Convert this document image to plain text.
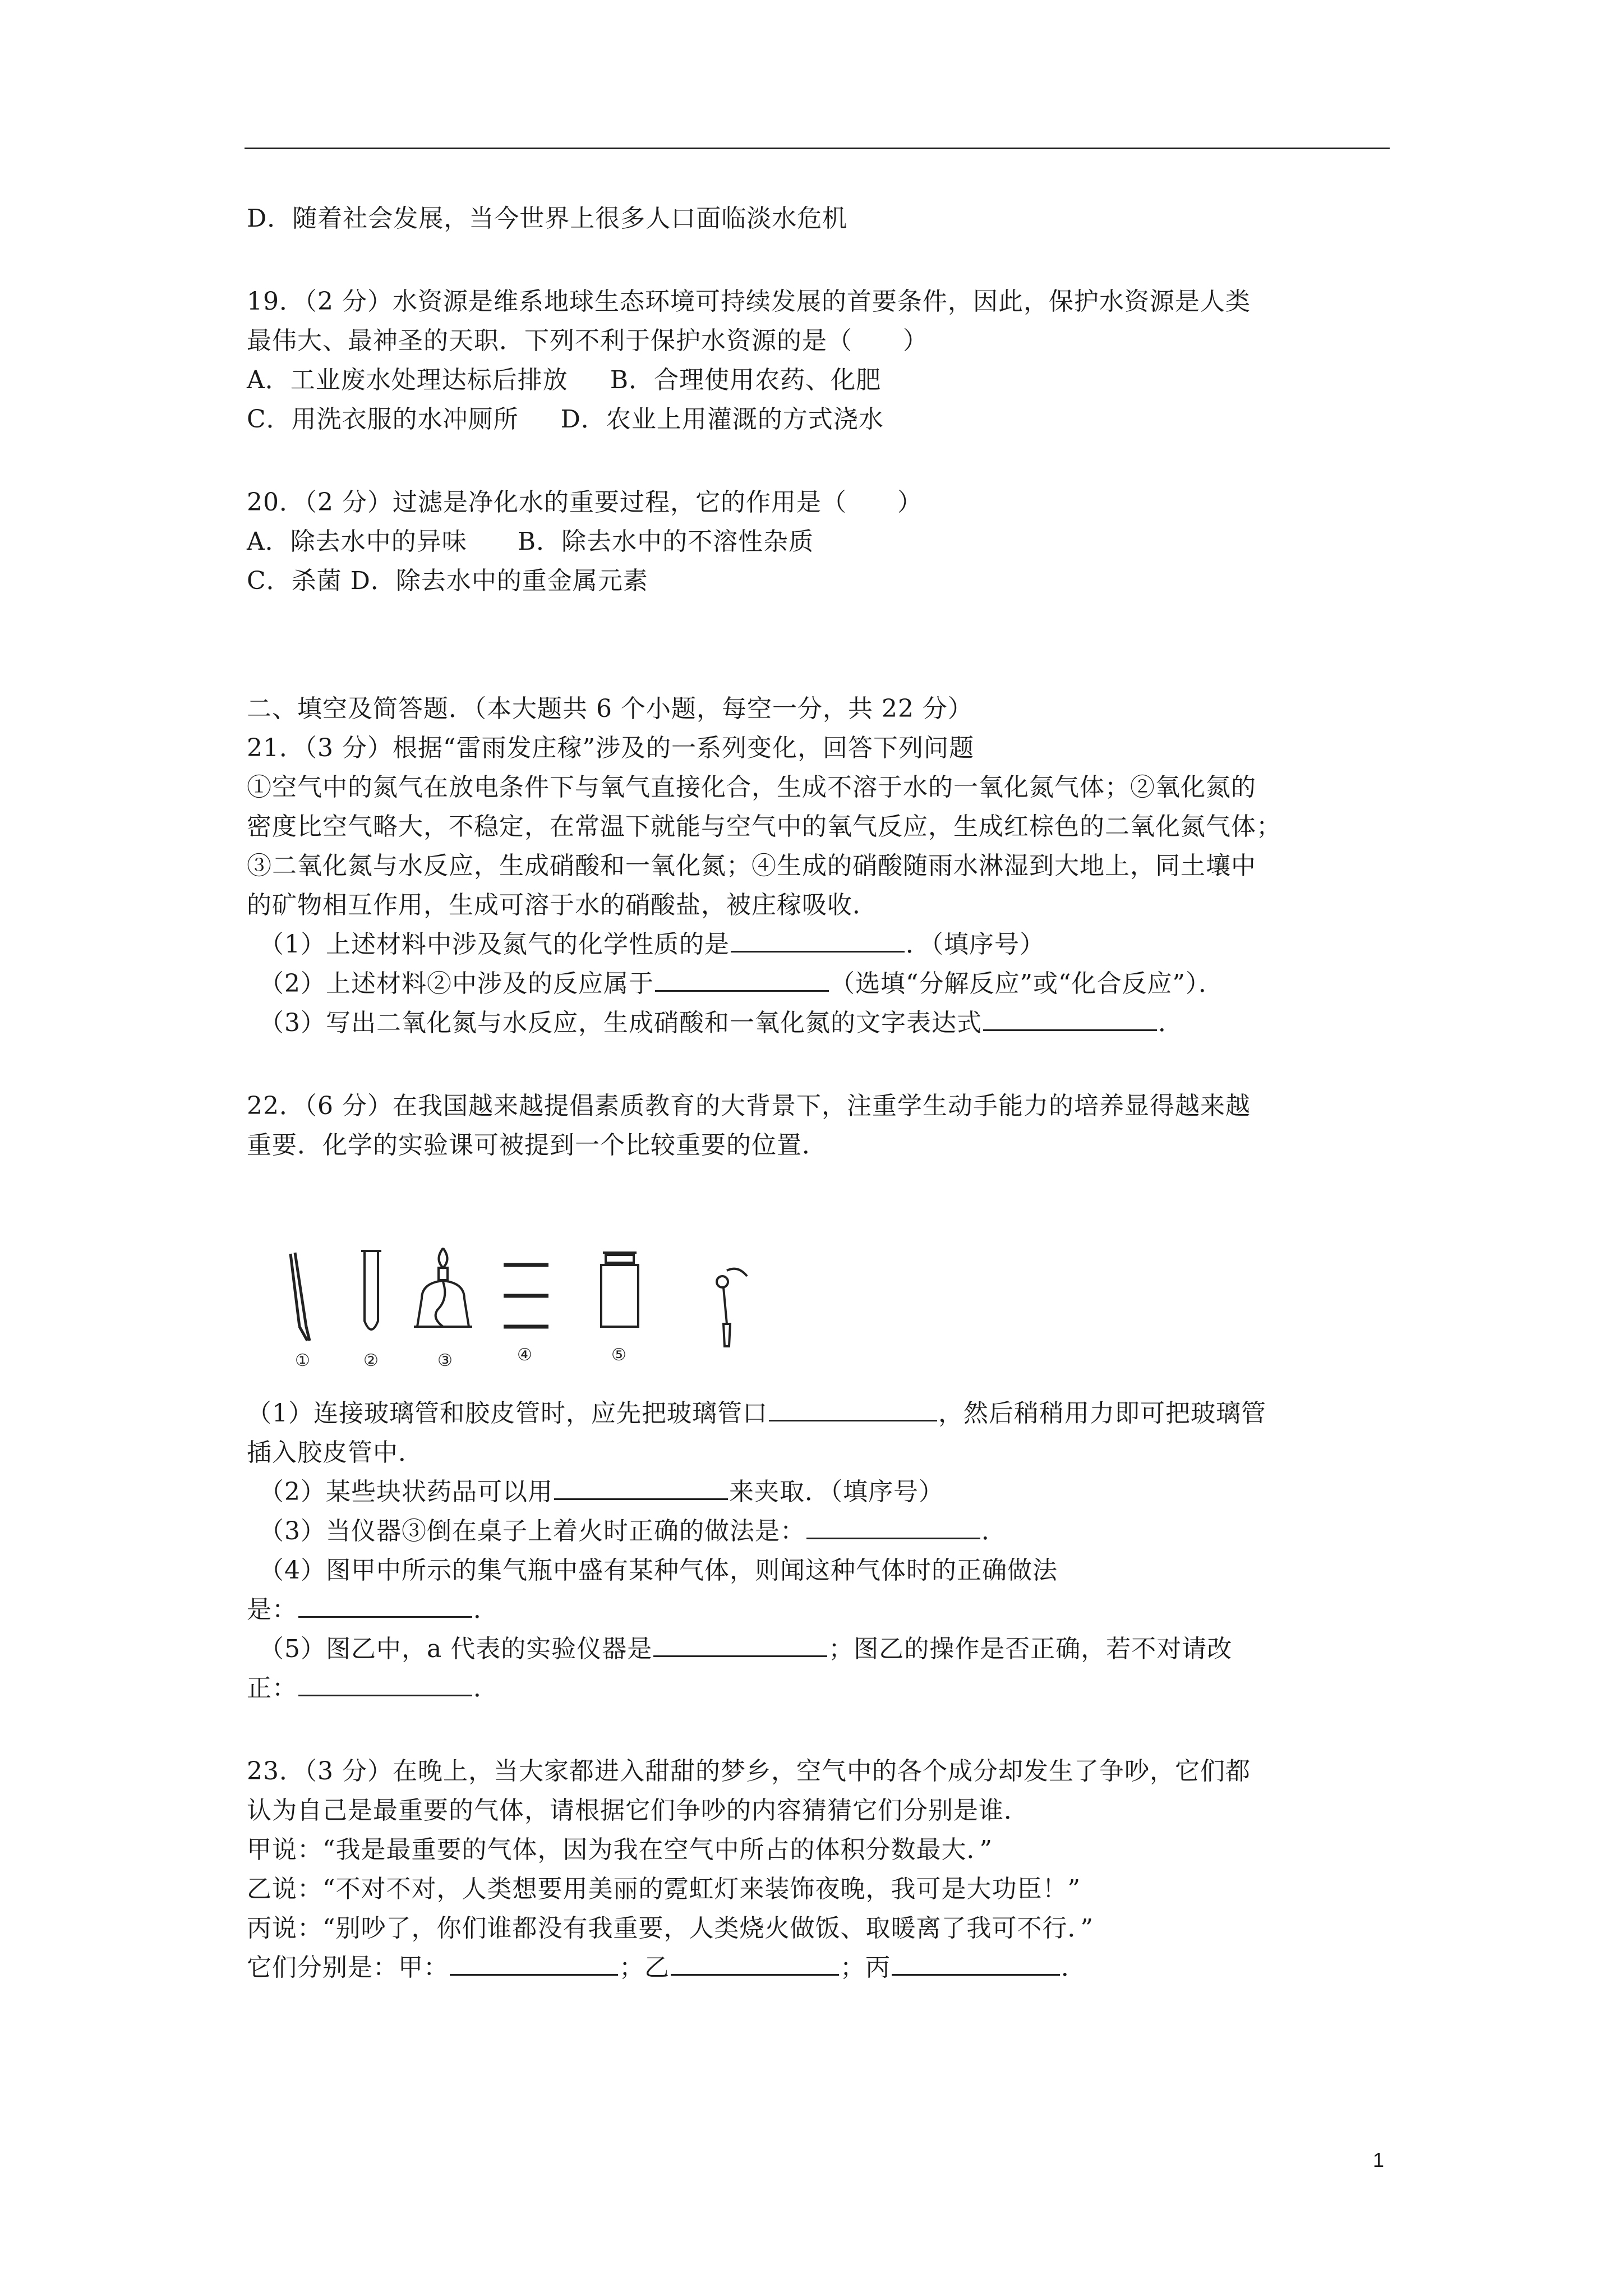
D．随着社会发展，当今世界上很多人口面临淡水危机
19．（2 分）水资源是维系地球生态环境可持续发展的首要条件，因此，保护水资源是人类
最伟大、最神圣的天职．下列不利于保护水资源的是（　　）
A．工业废水处理达标后排放　  B．合理使用农药、化肥
C．用洗衣服的水冲厕所　  D．农业上用灌溉的方式浇水
20．（2 分）过滤是净化水的重要过程，它的作用是（　　）
A．除去水中的异味　   B．除去水中的不溶性杂质
C．杀菌 D．除去水中的重金属元素
二、填空及简答题．（本大题共 6 个小题，每空一分，共 22 分）
21．（3 分）根据“雷雨发庄稼”涉及的一系列变化，回答下列问题
①空气中的氮气在放电条件下与氧气直接化合，生成不溶于水的一氧化氮气体；②氧化氮的
密度比空气略大，不稳定，在常温下就能与空气中的氧气反应，生成红棕色的二氧化氮气体；
③二氧化氮与水反应，生成硝酸和一氧化氮；④生成的硝酸随雨水淋湿到大地上，同土壤中
的矿物相互作用，生成可溶于水的硝酸盐，被庄稼吸收．
（1）上述材料中涉及氮气的化学性质的是	．（填序号）
（2）上述材料②中涉及的反应属于	（选填“分解反应”或“化合反应”）．
（3）写出二氧化氮与水反应，生成硝酸和一氧化氮的文字表达式	．
22．（6 分）在我国越来越提倡素质教育的大背景下，注重学生动手能力的培养显得越来越
重要．化学的实验课可被提到一个比较重要的位置．
①	②	③	④	⑤
（1）连接玻璃管和胶皮管时，应先把玻璃管口	，然后稍稍用力即可把玻璃管
插入胶皮管中．
（2）某些块状药品可以用	来夹取．（填序号）
（3）当仪器③倒在桌子上着火时正确的做法是：	．
（4）图甲中所示的集气瓶中盛有某种气体，则闻这种气体时的正确做法
是：	．
（5）图乙中，a 代表的实验仪器是	；图乙的操作是否正确，若不对请改
正：	．
23．（3 分）在晚上，当大家都进入甜甜的梦乡，空气中的各个成分却发生了争吵，它们都
认为自己是最重要的气体，请根据它们争吵的内容猜猜它们分别是谁．
甲说：“我是最重要的气体，因为我在空气中所占的体积分数最大．”
乙说：“不对不对，人类想要用美丽的霓虹灯来装饰夜晚，我可是大功臣！”
丙说：“别吵了，你们谁都没有我重要，人类烧火做饭、取暖离了我可不行．”
它们分别是：甲：	；乙	；丙	．
1
